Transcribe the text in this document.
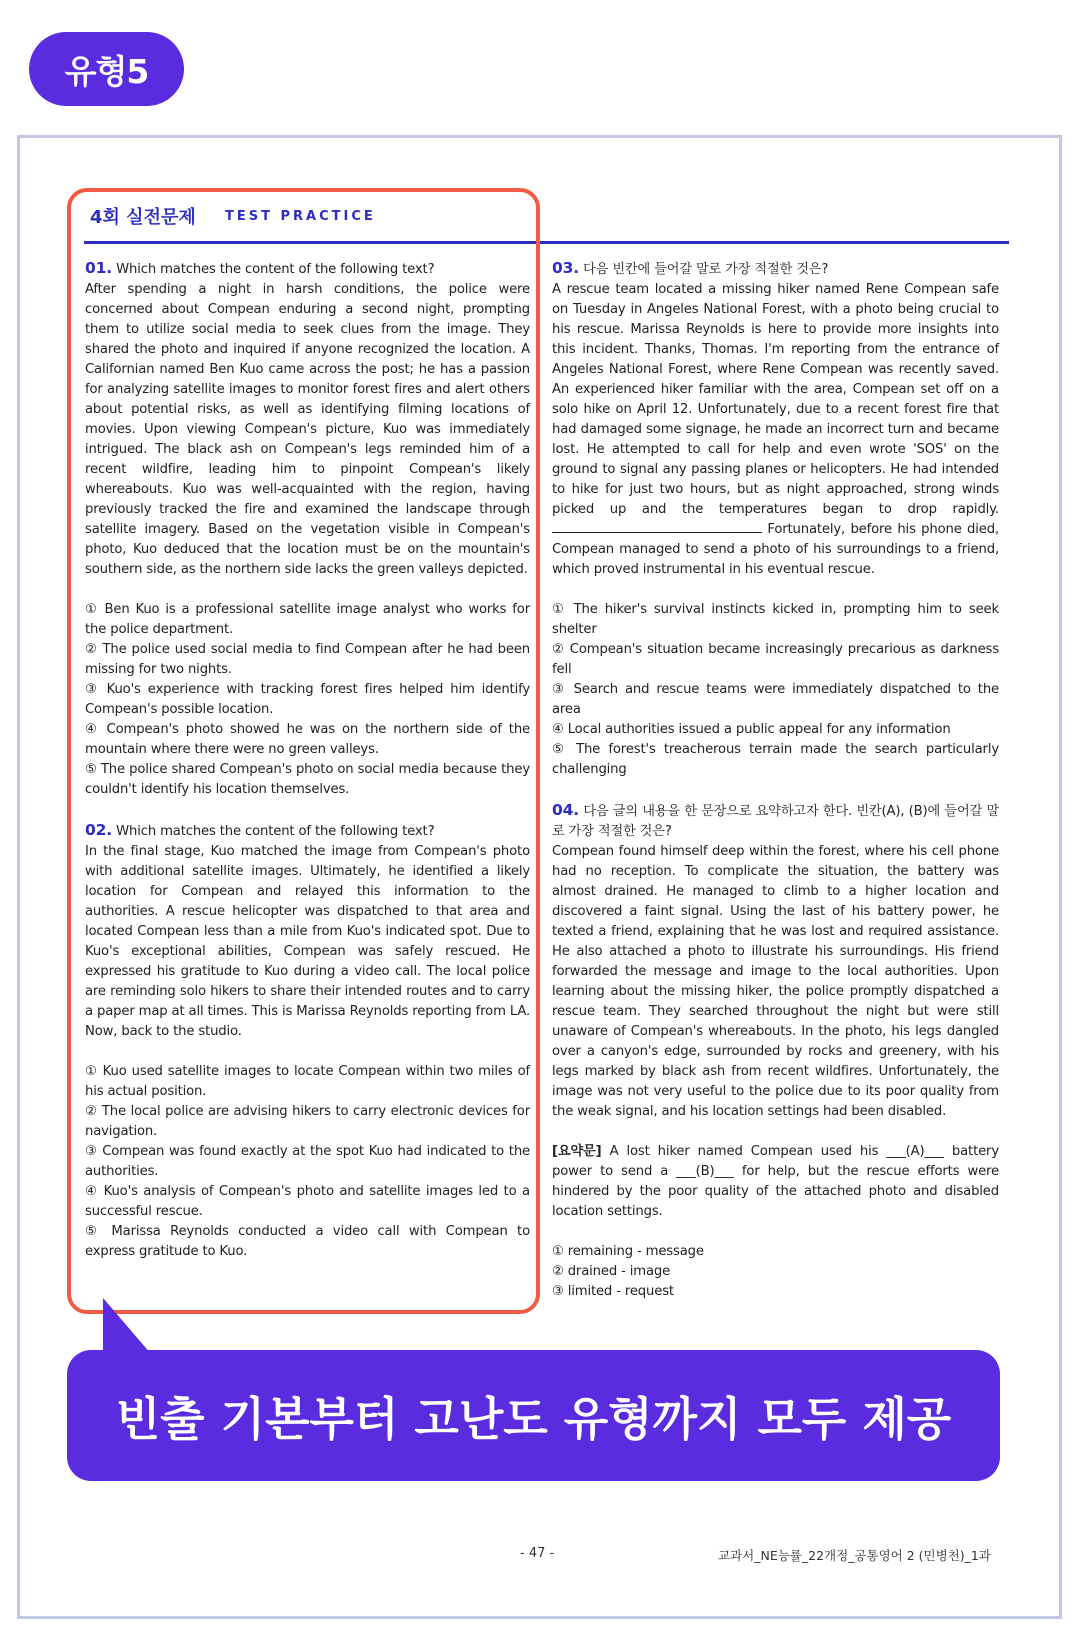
유형5
4회 실전문제 TEST PRACTICE

01. Which matches the content of the following text?

After spending a night in harsh conditions, the police were concerned about Compean enduring a second night, prompting them to utilize social media to seek clues from the image. They shared the photo and inquired if anyone recognized the location. A Californian named Ben Kuo came across the post; he has a passion for analyzing satellite images to monitor forest fires and alert others about potential risks, as well as identifying filming locations of movies. Upon viewing Compean's picture, Kuo was immediately intrigued. The black ash on Compean's legs reminded him of a recent wildfire, leading him to pinpoint Compean's likely whereabouts. Kuo was well-acquainted with the region, having previously tracked the fire and examined the landscape through satellite imagery. Based on the vegetation visible in Compean's photo, Kuo deduced that the location must be on the mountain's southern side, as the northern side lacks the green valleys depicted.

① Ben Kuo is a professional satellite image analyst who works for the police department.

② The police used social media to find Compean after he had been missing for two nights.

③ Kuo's experience with tracking forest fires helped him identify Compean's possible location.

④ Compean's photo showed he was on the northern side of the mountain where there were no green valleys.

⑤ The police shared Compean's photo on social media because they couldn't identify his location themselves.

02. Which matches the content of the following text?

In the final stage, Kuo matched the image from Compean's photo with additional satellite images. Ultimately, he identified a likely location for Compean and relayed this information to the authorities. A rescue helicopter was dispatched to that area and located Compean less than a mile from Kuo's indicated spot. Due to Kuo's exceptional abilities, Compean was safely rescued. He expressed his gratitude to Kuo during a video call. The local police are reminding solo hikers to share their intended routes and to carry a paper map at all times. This is Marissa Reynolds reporting from LA. Now, back to the studio.

① Kuo used satellite images to locate Compean within two miles of his actual position.

② The local police are advising hikers to carry electronic devices for navigation.

③ Compean was found exactly at the spot Kuo had indicated to the authorities.

④ Kuo's analysis of Compean's photo and satellite images led to a successful rescue.

⑤ Marissa Reynolds conducted a video call with Compean to express gratitude to Kuo.

03. 다음 빈칸에 들어갈 말로 가장 적절한 것은?

A rescue team located a missing hiker named Rene Compean safe on Tuesday in Angeles National Forest, with a photo being crucial to his rescue. Marissa Reynolds is here to provide more insights into this incident. Thanks, Thomas. I'm reporting from the entrance of Angeles National Forest, where Rene Compean was recently saved. An experienced hiker familiar with the area, Compean set off on a solo hike on April 12. Unfortunately, due to a recent forest fire that had damaged some signage, he made an incorrect turn and became lost. He attempted to call for help and even wrote 'SOS' on the ground to signal any passing planes or helicopters. He had intended to hike for just two hours, but as night approached, strong winds picked up and the temperatures began to drop rapidly.  Fortunately, before his phone died, Compean managed to send a photo of his surroundings to a friend, which proved instrumental in his eventual rescue.

① The hiker's survival instincts kicked in, prompting him to seek shelter

② Compean's situation became increasingly precarious as darkness fell

③ Search and rescue teams were immediately dispatched to the area

④ Local authorities issued a public appeal for any information

⑤ The forest's treacherous terrain made the search particularly challenging

04. 다음 글의 내용을 한 문장으로 요약하고자 한다. 빈칸(A), (B)에 들어갈 말로 가장 적절한 것은?

Compean found himself deep within the forest, where his cell phone had no reception. To complicate the situation, the battery was almost drained. He managed to climb to a higher location and discovered a faint signal. Using the last of his battery power, he texted a friend, explaining that he was lost and required assistance. He also attached a photo to illustrate his surroundings. His friend forwarded the message and image to the local authorities. Upon learning about the missing hiker, the police promptly dispatched a rescue team. They searched throughout the night but were still unaware of Compean's whereabouts. In the photo, his legs dangled over a canyon's edge, surrounded by rocks and greenery, with his legs marked by black ash from recent wildfires. Unfortunately, the image was not very useful to the police due to its poor quality from the weak signal, and his location settings had been disabled.

[요약문] A lost hiker named Compean used his ___(A)___ battery power to send a ___(B)___ for help, but the rescue efforts were hindered by the poor quality of the attached photo and disabled location settings.

① remaining - message

② drained - image

③ limited - request

빈출 기본부터 고난도 유형까지 모두 제공
- 47 -	교과서_NE능률_22개정_공통영어 2 (민병천)_1과
